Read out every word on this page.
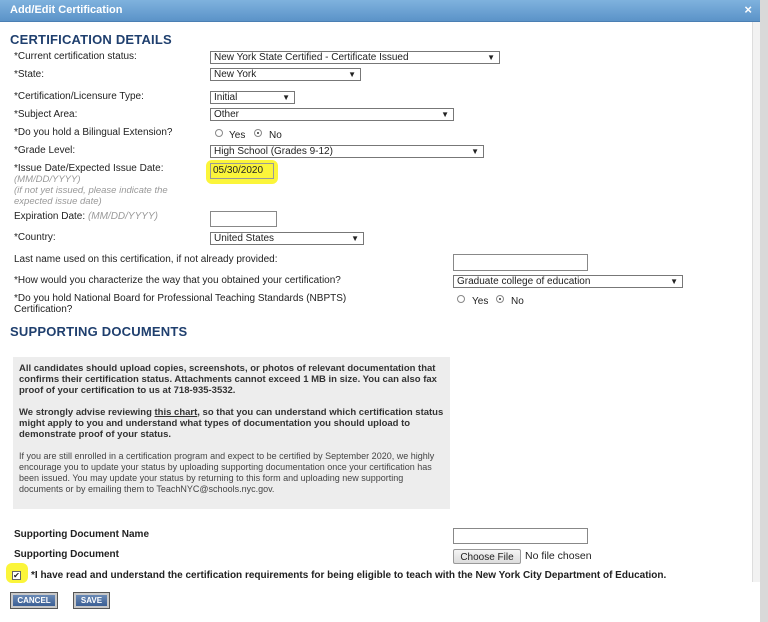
Add/Edit Certification	×
CERTIFICATION DETAILS
*Current certification status:	New York State Certified - Certificate Issued	▼
*State:	New York	▼
*Certification/Licensure Type:	Initial	▼
*Subject Area:	Other	▼
*Do you hold a Bilingual Extension?	Yes No
*Grade Level:	High School (Grades 9-12)	▼
*Issue Date/Expected Issue Date:
(MM/DD/YYYY)
(if not yet issued, please indicate the expected issue date)
05/30/2020
Expiration Date: (MM/DD/YYYY)
*Country:	United States	▼
Last name used on this certification, if not already provided:
*How would you characterize the way that you obtained your certification?	Graduate college of education	▼
*Do you hold National Board for Professional Teaching Standards (NBPTS)
Certification?
Yes No
SUPPORTING DOCUMENTS

All candidates should upload copies, screenshots, or photos of relevant documentation that confirms their certification status. Attachments cannot exceed 1 MB in size. You can also fax proof of your certification to us at 718-935-3532.

We strongly advise reviewing this chart, so that you can understand which certification status might apply to you and understand what types of documentation you should upload to demonstrate proof of your status.

If you are still enrolled in a certification program and expect to be certified by September 2020, we highly encourage you to update your status by uploading supporting documentation once your certification has been issued. You may update your status by returning to this form and uploading new supporting documents or by emailing them to TeachNYC@schools.nyc.gov.

Supporting Document Name
Supporting Document	Choose File	No file chosen
✔ *I have read and understand the certification requirements for being eligible to teach with the New York City Department of Education.
CANCEL	SAVE
